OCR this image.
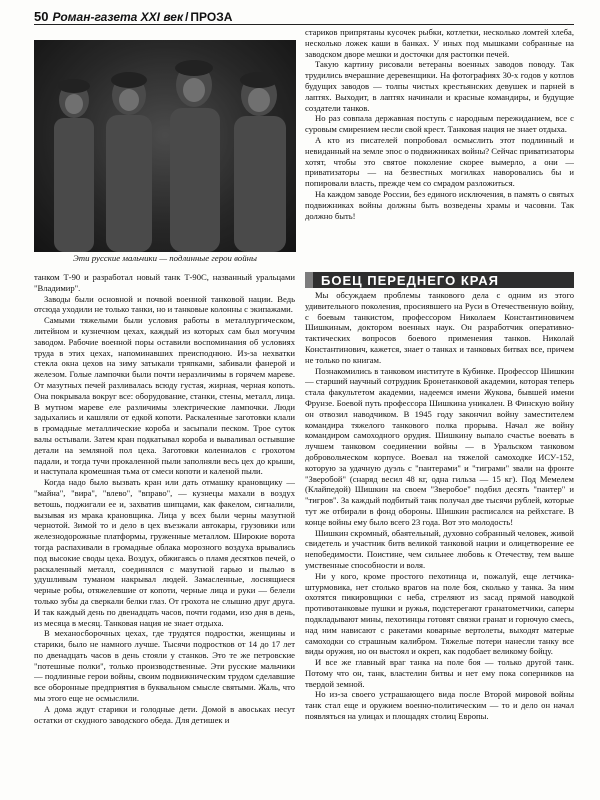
50 Роман-газета XXI век / ПРОЗА
Эти русские мальчики — подлинные герои войны

танком Т-90 и разработал новый танк Т-90С, названный уральцами "Владимир".

Заводы были основной и почвой военной танковой нации. Ведь отсюда уходили не только танки, но и танковые колонны с экипажами.

Самыми тяжелыми были условия работы в металлургическом, литейном и кузнечном цехах, каждый из которых сам был могучим заводом. Рабочие военной поры оставили воспоминания об условиях труда в этих цехах, напоминавших преисподнюю. Из-за нехватки стекла окна цехов на зиму затыкали тряпками, забивали фанерой и железом. Голые лампочки были почти неразличимы в горячем мареве. От мазутных печей разливалась всюду густая, жирная, черная копоть. Она покрывала вокруг все: оборудование, станки, стены, металл, лица. В мутном мареве еле различимы электрические лампочки. Люди задыхались и кашляли от едкой копоти. Раскаленные заготовки клали в громадные металлические короба и засыпали песком. Трое суток валы остывали. Затем кран подкатывал короба и вываливал остывшие детали на земляной пол цеха. Заготовки колениалов с грохотом падали, и тогда тучи прокаленной пыли заполняли весь цех до крыши, и наступала кромешная тьма от смеси копоти и каленой пыли.

Когда надо было вызвать кран или дать отмашку крановщику — "майна", "вира", "влево", "вправо", — кузнецы махали в воздух ветошь, поджигали ее и, захватив шипцами, как факелом, сигналили, вызывая из мрака крановщика. Лица у всех были черны мазутной чернотой. Зимой то и дело в цех въезжали автокары, грузовики или железнодорожные платформы, груженные металлом. Широкие ворота тогда распахивали в громадные облака морозного воздуха врывались под высокие своды цеха. Воздух, обжигаясь о пламя десятков печей, о раскаленный металл, соединялся с мазутной гарью и пылью в удушливым туманом накрывал людей. Замасленные, лоснящиеся черные робы, отяжелевшие от копоти, черные лица и руки — белели только зубы да сверкали белки глаз. От грохота не слышно друг друга. И так каждый день по двенадцать часов, почти годами, изо дня в день, из месяца в месяц. Танковая нация не знает отдыха.

В механосборочных цехах, где трудятся подростки, женщины и старики, было не намного лучше. Тысячи подростков от 14 до 17 лет по двенадцать часов в день стояли у станков. Это те же петровские "потешные полки", только производственные. Эти русские мальчики — подлинные герои войны, своим подвижническим трудом сделавшие все оборонные предприятия в буквальном смысле святыми. Жаль, что мы этого еще не осмыслили.

А дома ждут старики и голодные дети. Домой в авоськах несут остатки от скудного заводского обеда. Для детишек и

стариков припрятаны кусочек рыбки, котлетки, несколько ломтей хлеба, несколько ложек каши в банках. У иных под мышками собранные на заводском дворе мешки и досточки для растопки печей.

Такую картину рисовали ветераны военных заводов поводу. Так трудились вчерашние деревенщики. На фотографиях 30-х годов у котлов будущих заводов — толпы чистых крестьянских девушек и парней в лаптях. Выходит, в лаптях начинали и красные командиры, и будущие создатели танков.

Но раз совпала державная поступь с народным пережиданием, все с суровым смирением несли свой крест. Танковая нация не знает отдыха.

А кто из писателей попробовал осмыслить этот подлинный и невиданный на земле эпос о подвижниках войны? Сейчас приватизаторы хотят, чтобы это святое поколение скорее вымерло, а они — приватизаторы — на безвестных могилках наворовались бы и попировали власть, прежде чем со смрадом разложиться.

На каждом заводе России, без единого исключения, в память о святых подвижниках войны должны быть возведены храмы и часовни. Так должно быть!

БОЕЦ ПЕРЕДНЕГО КРАЯ

Мы обсуждаем проблемы танкового дела с одним из этого удивительного поколения, просиявшего на Руси в Отечественную войну, с боевым танкистом, профессором Николаем Константиновичем Шишкиным, доктором военных наук. Он разработчик оперативно-тактических вопросов боевого применения танков. Николай Константинович, кажется, знает о танках и танковых битвах все, причем не только по книгам.

Познакомились в танковом институте в Кубинке. Профессор Шишкин — старший научный сотрудник Бронетанковой академии, которая теперь стала факультетом академии, надеемся имени Жукова, бывшей имени Фрунзе. Боевой путь профессора Шишкина уникален. В Финскую войну он отвозил наводчиком. В 1945 году закончил войну заместителем командира тяжелого танкового полка прорыва. Начал же войну командиром самоходного орудия. Шишкину выпало счастье воевать в лучшем танковом соединении войны — в Уральском танковом добровольческом корпусе. Воевал на тяжелой самоходке ИСУ-152, которую за удачную дуэль с "пантерами" и "тиграми" звали на фронте "Зверобой" (снаряд весил 48 кг, одна гильза — 15 кг). Под Мемелем (Клайпедой) Шишкин на своем "Зверобое" подбил десять "пантер" и "тигров". За каждый подбитый танк получал две тысячи рублей, которые тут же отбирали в фонд обороны. Шишкин расписался на рейхстаге. В конце войны ему было всего 23 года. Вот это молодость!

Шишкин скромный, обаятельный, духовно собранный человек, живой свидетель и участник битв великой танковой нации и олицетворение ее непобедимости. Поистине, чем сильнее любовь к Отечеству, тем выше умственные способности и воля.

Ни у кого, кроме простого пехотинца и, пожалуй, еще летчика-штурмовика, нет столько врагов на поле боя, сколько у танка. За ним охотятся пикировщики с неба, стреляют из засад прямой наводкой противотанковые пушки и ружья, подстерегают гранатометчики, саперы подкладывают мины, пехотинцы готовят связки гранат и горючую смесь, над ним нависают с ракетами коварные вертолеты, выходят матерые самоходки со страшным калибром. Тяжелые потери нанесли танку все виды оружия, но он выстоял и окреп, как подобает великому бойцу.

И все же главный враг танка на поле боя — только другой танк. Потому что он, танк, властелин битвы и нет ему пока соперников на твердой земной.

Но из-за своего устрашающего вида после Второй мировой войны танк стал еще и оружием военно-политическим — то и дело он начал появляться на улицах и площадях столиц Европы.
